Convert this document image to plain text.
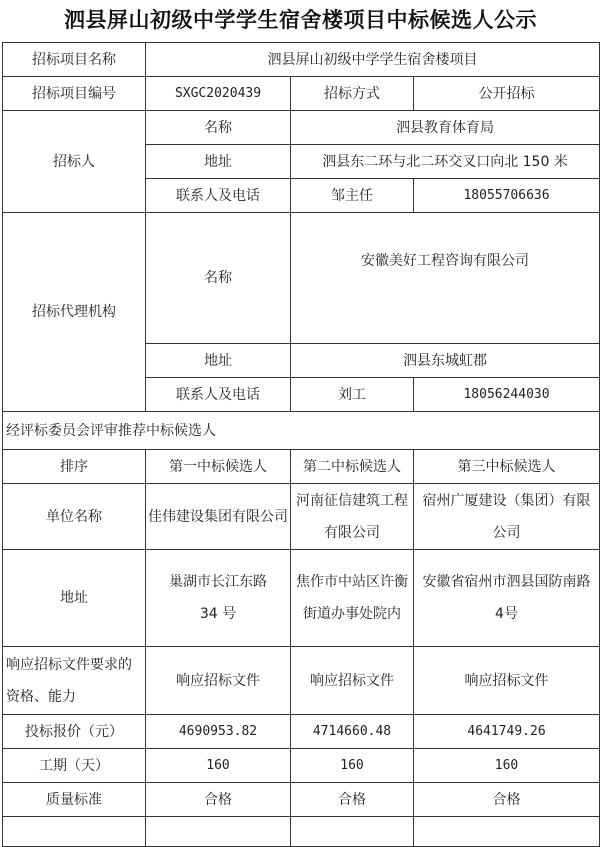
泗县屏山初级中学学生宿舍楼项目中标候选人公示
招标项目名称	泗县屏山初级中学学生宿舍楼项目		
招标项目编号	SXGC2020439	招标方式	公开招标
招标人	名称	泗县教育体育局	
	地址	泗县东二环与北二环交叉口向北 150 米	
	联系人及电话	邹主任	18055706636
招标代理机构	名称	安徽美好工程咨询有限公司	
	地址	泗县东城虹郡	
	联系人及电话	刘工	18056244030
经评标委员会评审推荐中标候选人			
排序	第一中标候选人	第二中标候选人	第三中标候选人
单位名称	佳伟建设集团有限公司	河南征信建筑工程有限公司	宿州广厦建设（集团）有限公司
地址	巢湖市长江东路 34 号	焦作市中站区许衡街道办事处院内	安徽省宿州市泗县国防南路 4号
响应招标文件要求的资格、能力	响应招标文件	响应招标文件	响应招标文件
投标报价（元）	4690953.82	4714660.48	4641749.26
工期（天）	160	160	160
质量标准	合格	合格	合格
